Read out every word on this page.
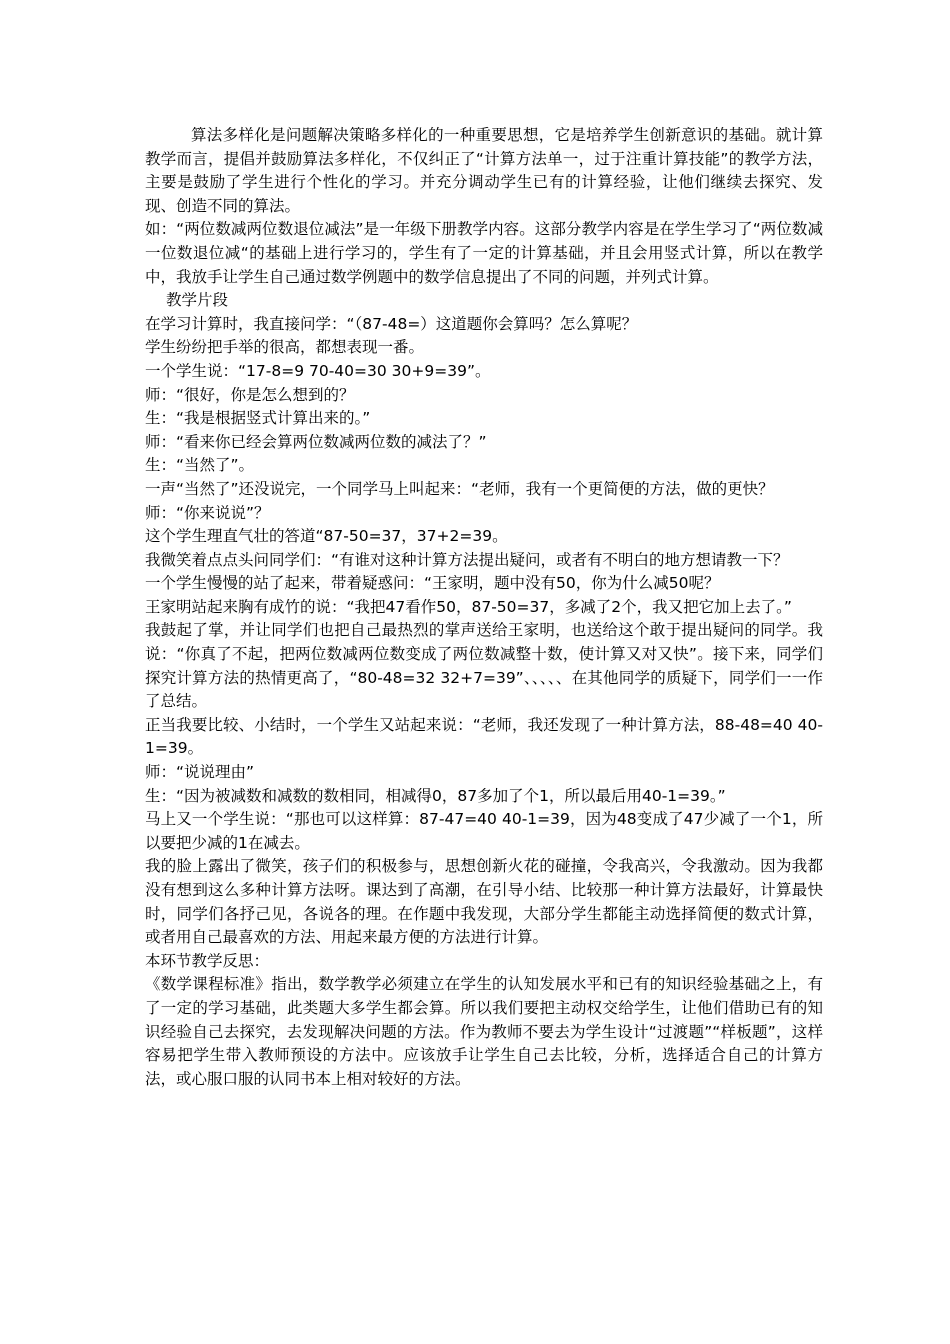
算法多样化是问题解决策略多样化的一种重要思想，它是培养学生创新意识的基础。就计算教学而言，提倡并鼓励算法多样化，不仅纠正了“计算方法单一，过于注重计算技能”的教学方法，主要是鼓励了学生进行个性化的学习。并充分调动学生已有的计算经验，让他们继续去探究、发现、创造不同的算法。

如：“两位数减两位数退位减法”是一年级下册教学内容。这部分教学内容是在学生学习了“两位数减一位数退位减“的基础上进行学习的，学生有了一定的计算基础，并且会用竖式计算，所以在教学中，我放手让学生自己通过数学例题中的数学信息提出了不同的问题，并列式计算。

教学片段

在学习计算时，我直接问学：“（87-48=）这道题你会算吗？怎么算呢？

学生纷纷把手举的很高，都想表现一番。

一个学生说：“17-8=9 70-40=30 30+9=39”。

师：“很好，你是怎么想到的？

生：“我是根据竖式计算出来的。”

师：“看来你已经会算两位数减两位数的减法了？”

生：“当然了”。

一声“当然了”还没说完，一个同学马上叫起来：“老师，我有一个更简便的方法，做的更快？

师：“你来说说”？

这个学生理直气壮的答道“87-50=37，37+2=39。

我微笑着点点头问同学们：“有谁对这种计算方法提出疑问，或者有不明白的地方想请教一下？

一个学生慢慢的站了起来，带着疑惑问：“王家明，题中没有50，你为什么减50呢？

王家明站起来胸有成竹的说：“我把47看作50，87-50=37，多减了2个，我又把它加上去了。”

我鼓起了掌，并让同学们也把自己最热烈的掌声送给王家明，也送给这个敢于提出疑问的同学。我说：“你真了不起，把两位数减两位数变成了两位数减整十数，使计算又对又快”。接下来，同学们探究计算方法的热情更高了，“80-48=32 32+7=39”、、、、、在其他同学的质疑下，同学们一一作了总结。

正当我要比较、小结时，一个学生又站起来说：“老师，我还发现了一种计算方法，88-48=40 40-1=39。

师：“说说理由”

生：“因为被减数和减数的数相同，相减得0，87多加了个1，所以最后用40-1=39。”

马上又一个学生说：“那也可以这样算：87-47=40 40-1=39，因为48变成了47少减了一个1，所以要把少减的1在减去。

我的脸上露出了微笑，孩子们的积极参与，思想创新火花的碰撞，令我高兴，令我激动。因为我都没有想到这么多种计算方法呀。课达到了高潮，在引导小结、比较那一种计算方法最好，计算最快时，同学们各抒己见，各说各的理。在作题中我发现，大部分学生都能主动选择简便的数式计算，或者用自己最喜欢的方法、用起来最方便的方法进行计算。

本环节教学反思：

《数学课程标准》指出，数学教学必须建立在学生的认知发展水平和已有的知识经验基础之上，有了一定的学习基础，此类题大多学生都会算。所以我们要把主动权交给学生，让他们借助已有的知识经验自己去探究，去发现解决问题的方法。作为教师不要去为学生设计“过渡题”“样板题”，这样容易把学生带入教师预设的方法中。应该放手让学生自己去比较，分析，选择适合自己的计算方法，或心服口服的认同书本上相对较好的方法。
